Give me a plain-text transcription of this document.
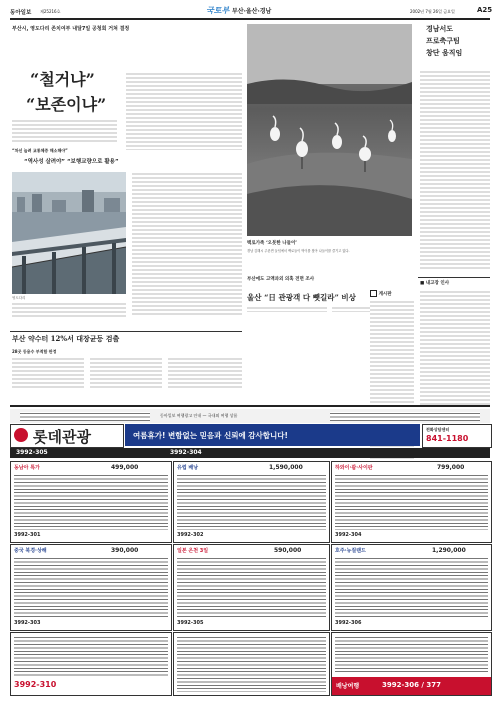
동아일보 제25216호	국토부 부산·울산·경남	2002년 7월 26일 금요일	A25
부산시, 영도다리 존치여부 내달7일 공청회 거쳐 결정
“철거냐”
“보존이냐”
“차선 늘려 교통체증 해소해야”
“역사성 살려야” “보행교량으로 활용”
영도다리
백로가족 ‘오붓한 나들이’
경남 김해시 주촌면 들녘에서 백로들이 먹이를 찾아 나들이를 즐기고 있다.
부산에도 고액과외 의혹 전면 조사
울산 “日 관광객 다 뺏길라” 비상
경남서도
프로축구팀
창단 움직임
■ 내고장 인사
게시판
부산 약수터 12%서 대장균등 검출
28곳 등용수 부적합 판정
동아일보 여행광고 안내 — 국내외 여행 상품
롯데관광	여름휴가! 변함없는 믿음과 신뢰에 감사합니다!
전화상담센터
841-1180
3992-305	3992-304
동남아 특가	499,000
3992-301
유럽 배낭	1,590,000
3992-302
하와이·괌·사이판	799,000
3992-304
중국 북경·상해	390,000
3992-303
일본 온천 3일	590,000
3992-305
호주·뉴질랜드	1,290,000
3992-306
3992-310	배낭여행	3992-306 / 377
